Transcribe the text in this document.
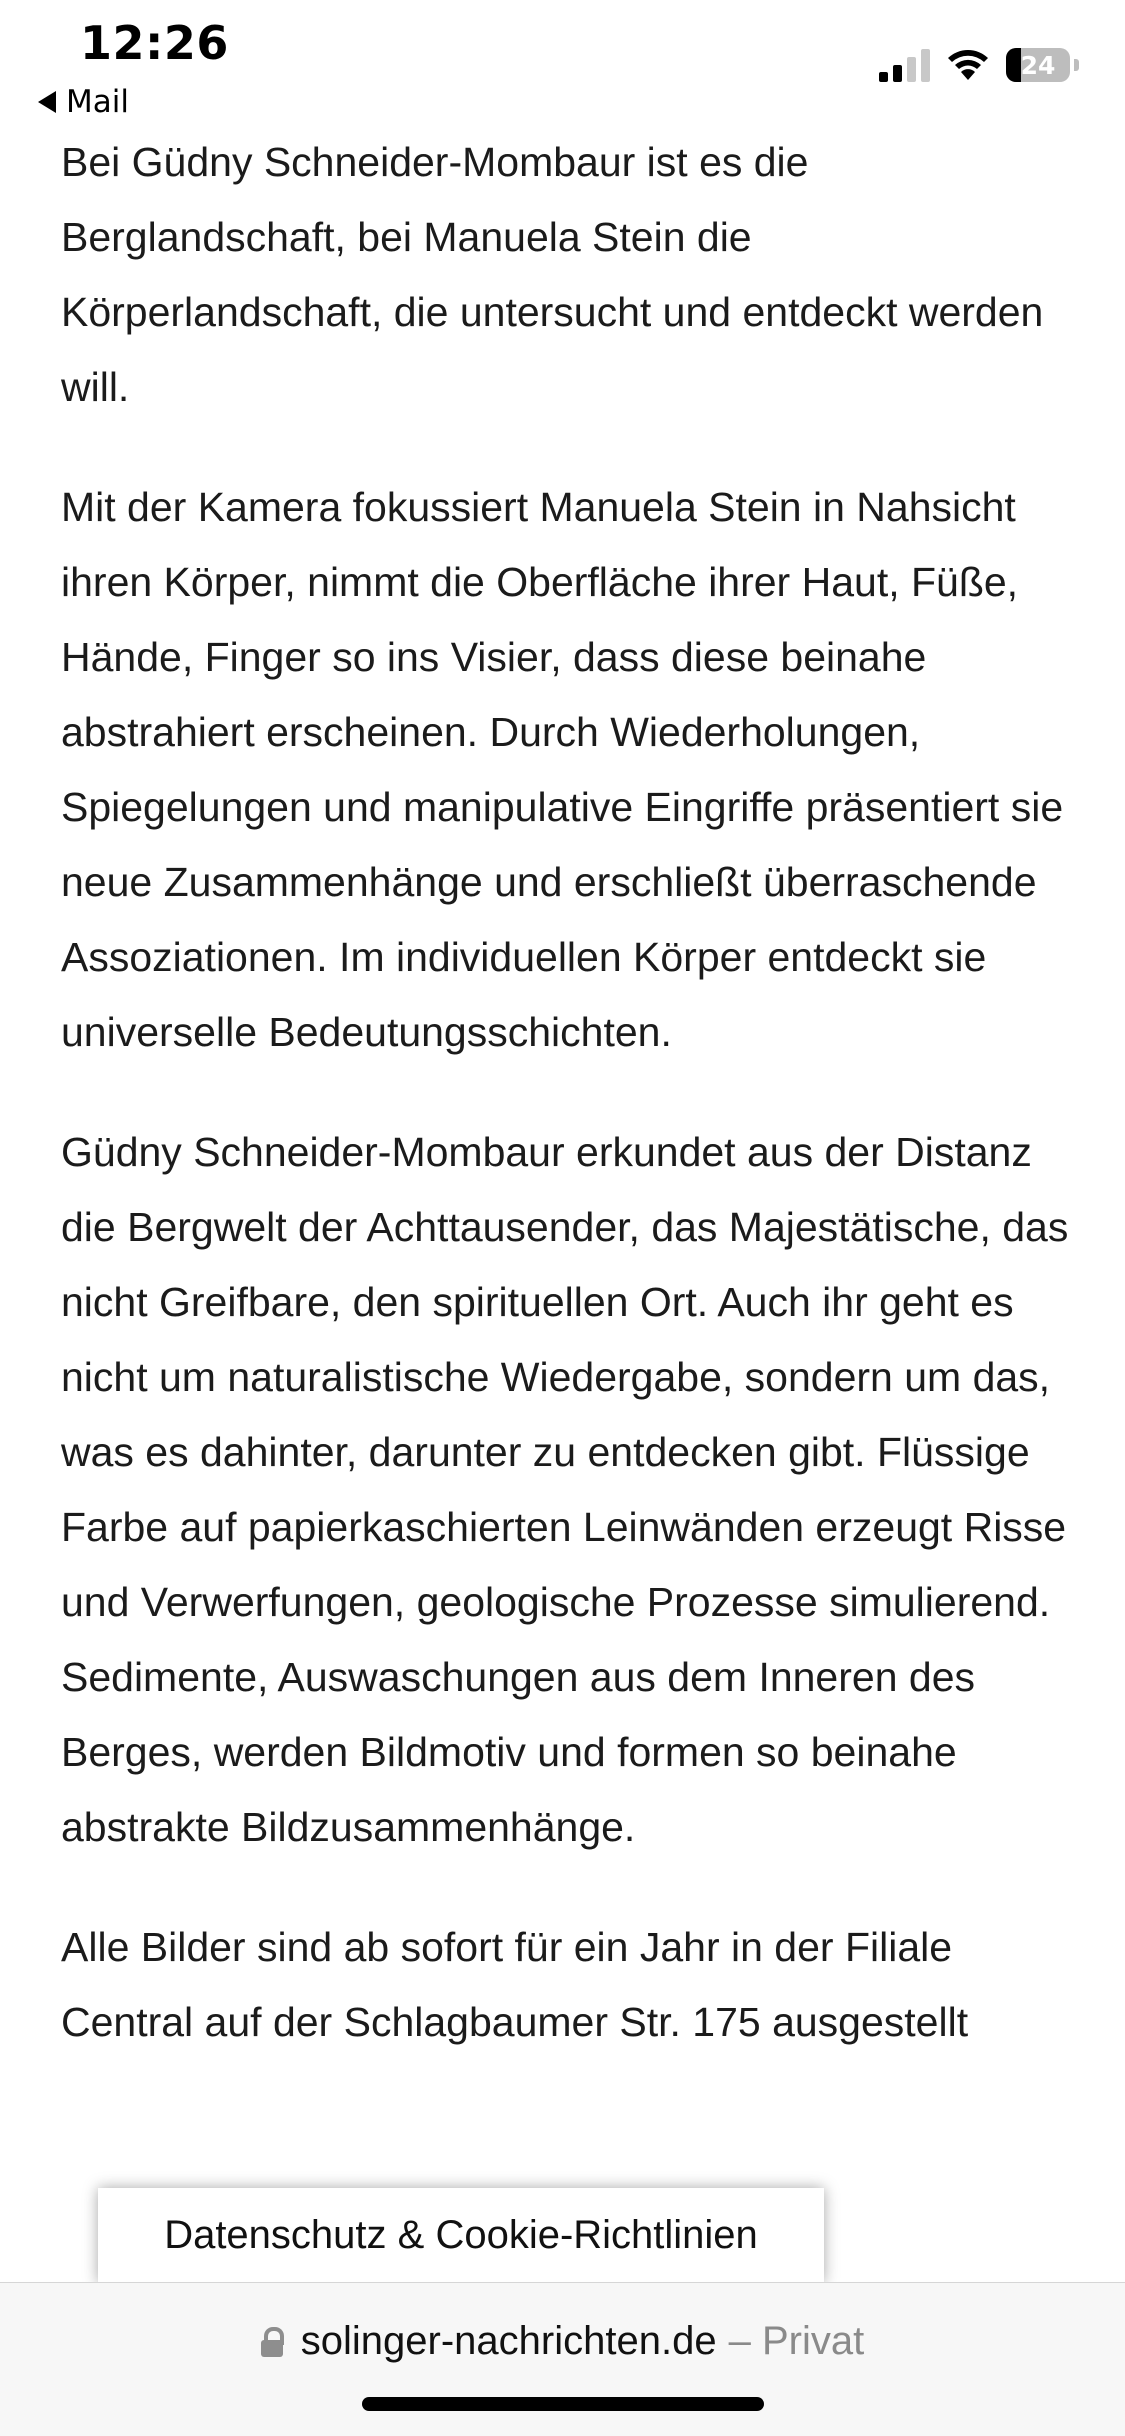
12:26
Mail
24

Bei Güdny Schneider-Mombaur ist es die Berglandschaft, bei Manuela Stein die Körperlandschaft, die untersucht und entdeckt werden will.

Mit der Kamera fokussiert Manuela Stein in Nahsicht ihren Körper, nimmt die Oberfläche ihrer Haut, Füße, Hände, Finger so ins Visier, dass diese beinahe abstrahiert erscheinen. Durch Wiederholungen, Spiegelungen und manipulative Eingriffe präsentiert sie neue Zusammenhänge und erschließt überraschende Assoziationen. Im individuellen Körper entdeckt sie universelle Bedeutungsschichten.

Güdny Schneider-Mombaur erkundet aus der Distanz die Bergwelt der Achttausender, das Majestätische, das nicht Greifbare, den spirituellen Ort. Auch ihr geht es nicht um naturalistische Wiedergabe, sondern um das, was es dahinter, darunter zu entdecken gibt. Flüssige Farbe auf papierkaschierten Leinwänden erzeugt Risse und Verwerfungen, geologische Prozesse simulierend. Sedimente, Auswaschungen aus dem Inneren des Berges, werden Bildmotiv und formen so beinahe abstrakte Bildzusammenhänge.

Alle Bilder sind ab sofort für ein Jahr in der Filiale Central auf der Schlagbaumer Str. 175 ausgestellt

Datenschutz & Cookie-Richtlinien
solinger-nachrichten.de – Privat
